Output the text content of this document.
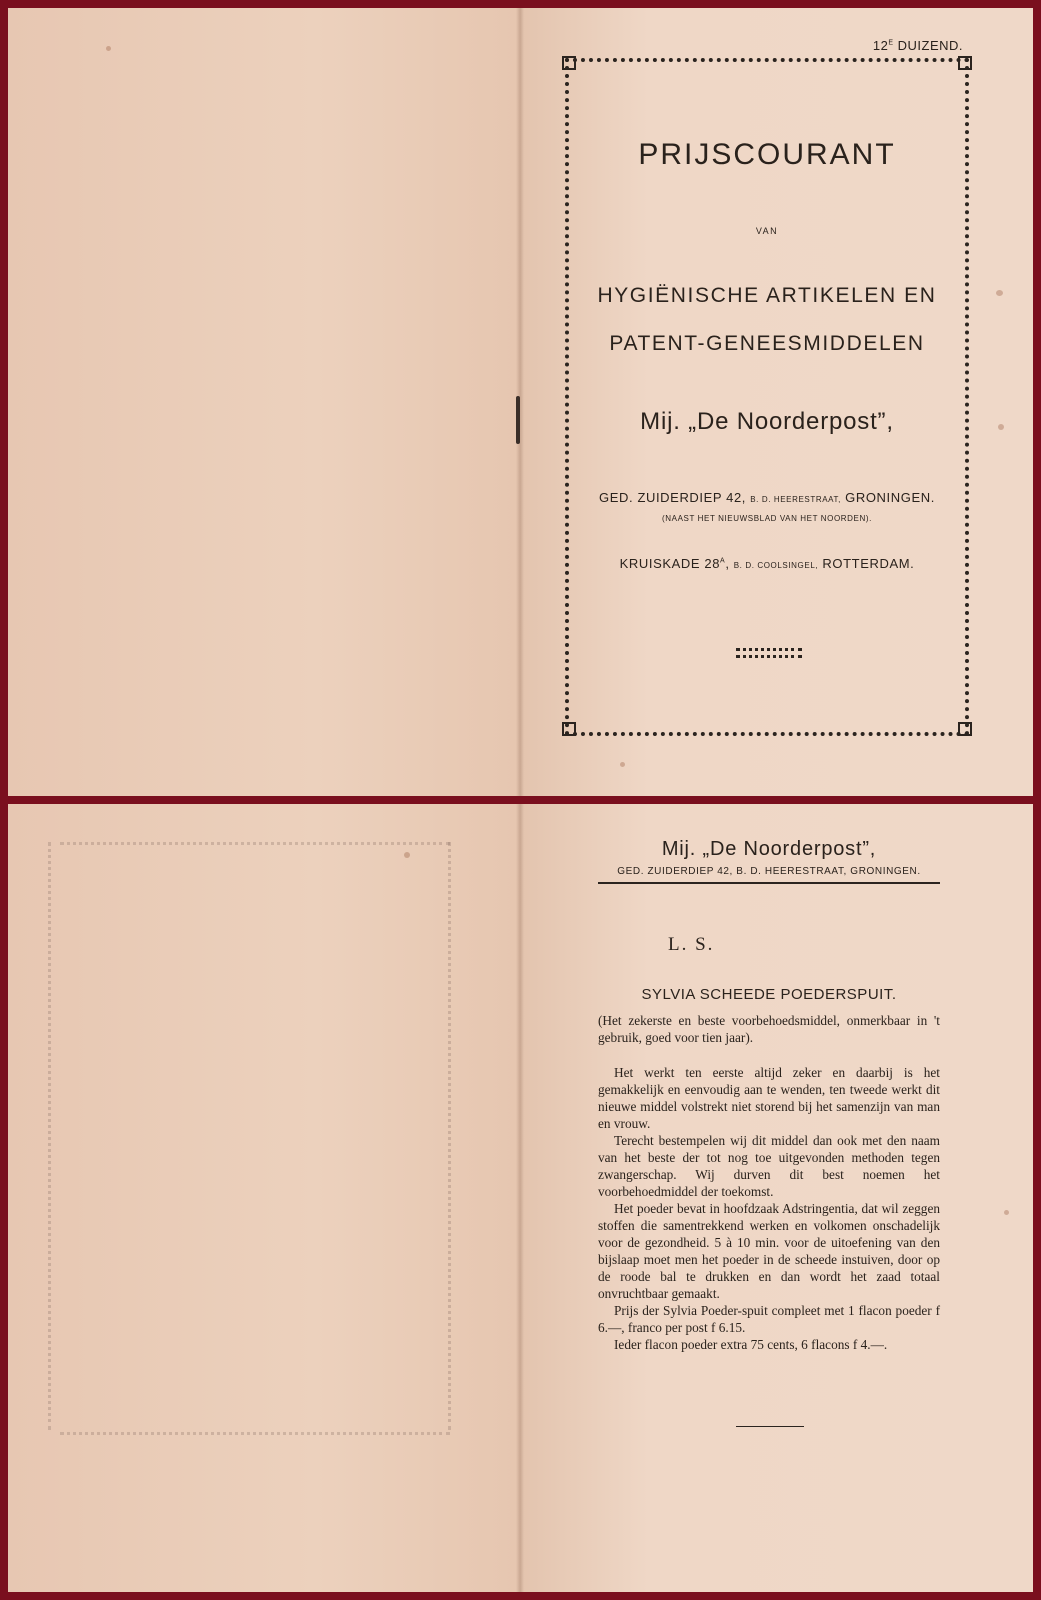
$12^E$ DUIZEND.
PRIJSCOURANT
VAN
HYGIËNISCHE ARTIKELEN EN
PATENT-GENEESMIDDELEN
Mij. „De Noorderpost”,
GED. ZUIDERDIEP 42, B. D. HEERESTRAAT, GRONINGEN.
(NAAST HET NIEUWSBLAD VAN HET NOORDEN).
KRUISKADE $28^A$, B. D. COOLSINGEL, ROTTERDAM.
Mij. „De Noorderpost”,
GED. ZUIDERDIEP 42, B. D. HEERESTRAAT, GRONINGEN.
L. S.
SYLVIA SCHEEDE POEDERSPUIT.

(Het zekerste en beste voorbehoedsmiddel, onmerkbaar in 't gebruik, goed voor tien jaar).

Het werkt ten eerste altijd zeker en daarbij is het gemakkelijk en eenvoudig aan te wenden, ten tweede werkt dit nieuwe middel volstrekt niet storend bij het samenzijn van man en vrouw.

Terecht bestempelen wij dit middel dan ook met den naam van het beste der tot nog toe uitgevonden methoden tegen zwangerschap. Wij durven dit best noemen het voorbehoedmiddel der toekomst.

Het poeder bevat in hoofdzaak Adstringentia, dat wil zeggen stoffen die samentrekkend werken en volkomen onschadelijk voor de gezondheid. 5 à 10 min. voor de uitoefening van den bijslaap moet men het poeder in de scheede instuiven, door op de roode bal te drukken en dan wordt het zaad totaal onvruchtbaar gemaakt.

Prijs der Sylvia Poeder-spuit compleet met 1 flacon poeder f 6.—, franco per post f 6.15.

Ieder flacon poeder extra 75 cents, 6 flacons f 4.—.
